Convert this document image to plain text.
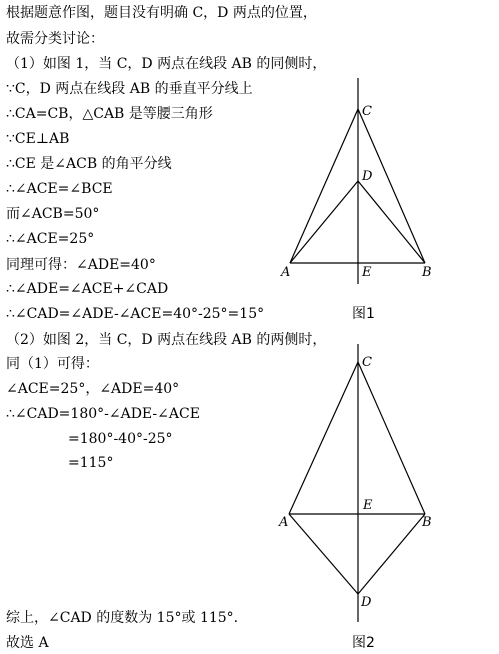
根据题意作图，题目没有明确 C，D 两点的位置，
故需分类讨论：
（1）如图 1，当 C，D 两点在线段 AB 的同侧时，
∵C，D 两点在线段 AB 的垂直平分线上
∴CA=CB，△CAB 是等腰三角形
∵CE⊥AB
∴CE 是∠ACB 的角平分线
∴∠ACE=∠BCE
而∠ACB=50°
∴∠ACE=25°
同理可得：∠ADE=40°
∴∠ADE=∠ACE+∠CAD
∴∠CAD=∠ADE-∠ACE=40°-25°=15°
（2）如图 2，当 C，D 两点在线段 AB 的两侧时，
同（1）可得：
∠ACE=25°，∠ADE=40°
∴∠CAD=180°-∠ADE-∠ACE
=180°-40°-25°
=115°
综上，∠CAD 的度数为 15°或 115°.
故选 A
C
D
A	E	B
图1
C
E
A	B
D
图2
